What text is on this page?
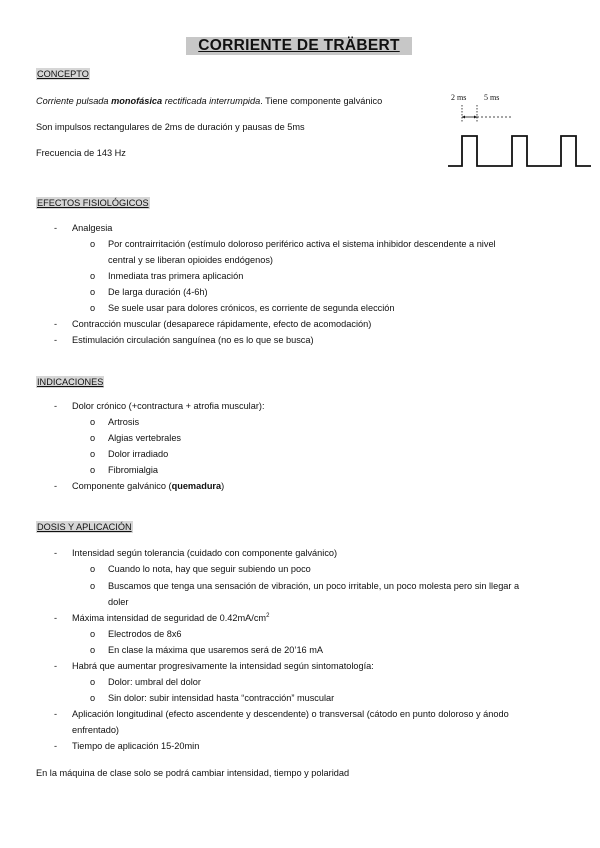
CORRIENTE DE TRÄBERT
CONCEPTO
Corriente pulsada monofásica rectificada interrumpida. Tiene componente galvánico
Son impulsos rectangulares de 2ms de duración y pausas de 5ms
Frecuencia de 143 Hz
2 ms 5 ms
EFECTOS FISIOLÓGICOS
- Analgesia
o Por contrairritación (estímulo doloroso periférico activa el sistema inhibidor descendente a nivel
central y se liberan opioides endógenos)
o Inmediata tras primera aplicación
o De larga duración (4-6h)
o Se suele usar para dolores crónicos, es corriente de segunda elección
- Contracción muscular (desaparece rápidamente, efecto de acomodación)
- Estimulación circulación sanguínea (no es lo que se busca)
INDICACIONES
- Dolor crónico (+contractura + atrofia muscular):
o Artrosis
o Algias vertebrales
o Dolor irradiado
o Fibromialgia
- Componente galvánico (quemadura)
DOSIS Y APLICACIÓN
- Intensidad según tolerancia (cuidado con componente galvánico)
o Cuando lo nota, hay que seguir subiendo un poco
o Buscamos que tenga una sensación de vibración, un poco irritable, un poco molesta pero sin llegar a
doler
- Máxima intensidad de seguridad de $0.42mA/cm^2$
o Electrodos de 8x6
o En clase la máxima que usaremos será de 20’16 mA
- Habrá que aumentar progresivamente la intensidad según sintomatología:
o Dolor: umbral del dolor
o Sin dolor: subir intensidad hasta “contracción” muscular
- Aplicación longitudinal (efecto ascendente y descendente) o transversal (cátodo en punto doloroso y ánodo
enfrentado)
- Tiempo de aplicación 15-20min
En la máquina de clase solo se podrá cambiar intensidad, tiempo y polaridad
